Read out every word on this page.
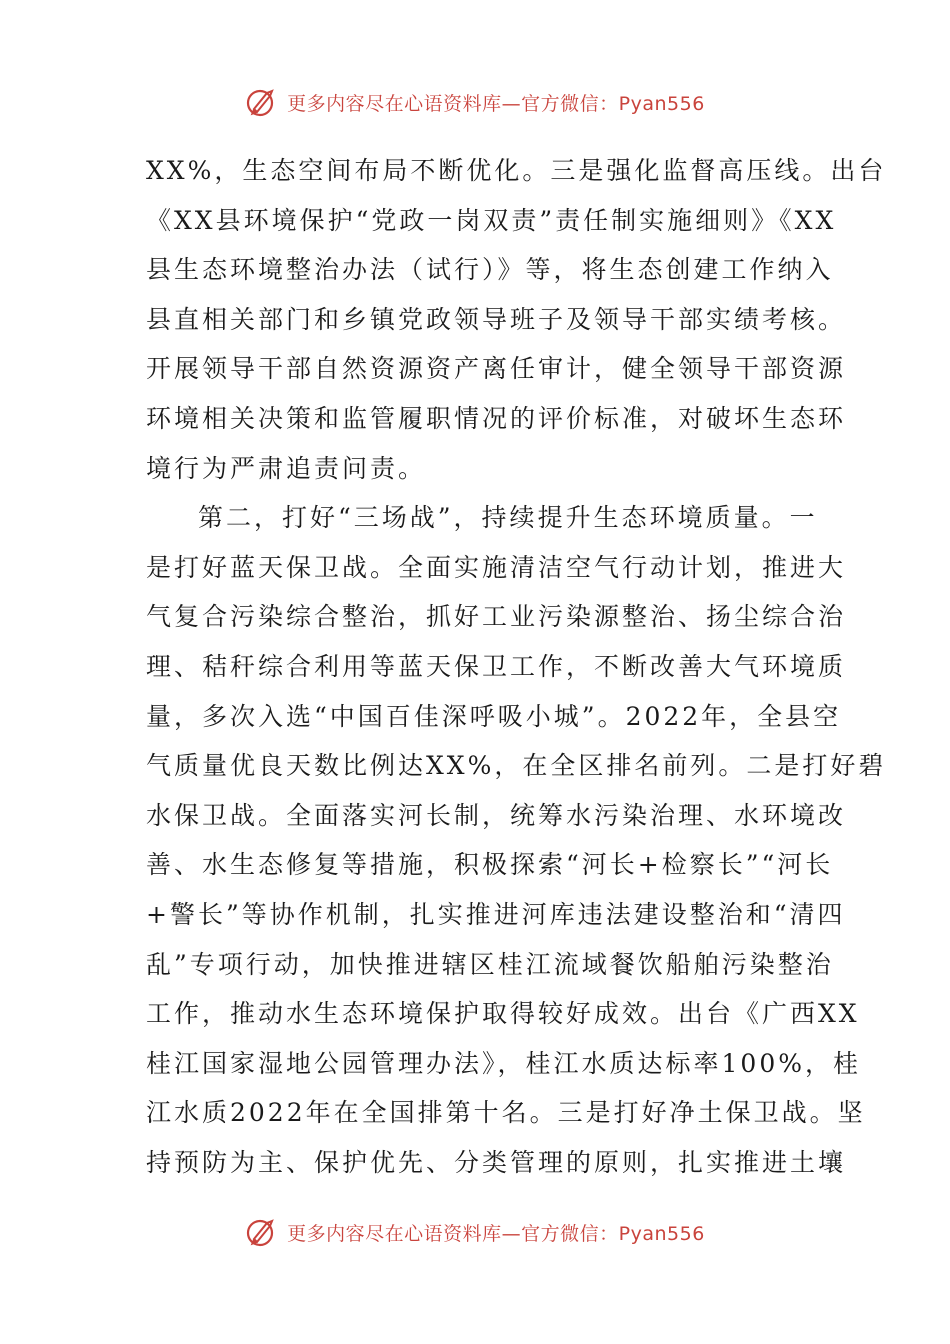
更多内容尽在心语资料库—官方微信：Pyan556
XX%，生态空间布局不断优化。三是强化监督高压线。出台
《XX县环境保护“党政一岗双责”责任制实施细则》《XX
县生态环境整治办法（试行）》等，将生态创建工作纳入
县直相关部门和乡镇党政领导班子及领导干部实绩考核。
开展领导干部自然资源资产离任审计，健全领导干部资源
环境相关决策和监管履职情况的评价标准，对破坏生态环
境行为严肃追责问责。
第二，打好“三场战”，持续提升生态环境质量。一
是打好蓝天保卫战。全面实施清洁空气行动计划，推进大
气复合污染综合整治，抓好工业污染源整治、扬尘综合治
理、秸秆综合利用等蓝天保卫工作，不断改善大气环境质
量，多次入选“中国百佳深呼吸小城”。2022年，全县空
气质量优良天数比例达XX%，在全区排名前列。二是打好碧
水保卫战。全面落实河长制，统筹水污染治理、水环境改
善、水生态修复等措施，积极探索“河长+检察长”“河长
+警长”等协作机制，扎实推进河库违法建设整治和“清四
乱”专项行动，加快推进辖区桂江流域餐饮船舶污染整治
工作，推动水生态环境保护取得较好成效。出台《广西XX
桂江国家湿地公园管理办法》，桂江水质达标率100%，桂
江水质2022年在全国排第十名。三是打好净土保卫战。坚
持预防为主、保护优先、分类管理的原则，扎实推进土壤
更多内容尽在心语资料库—官方微信：Pyan556
